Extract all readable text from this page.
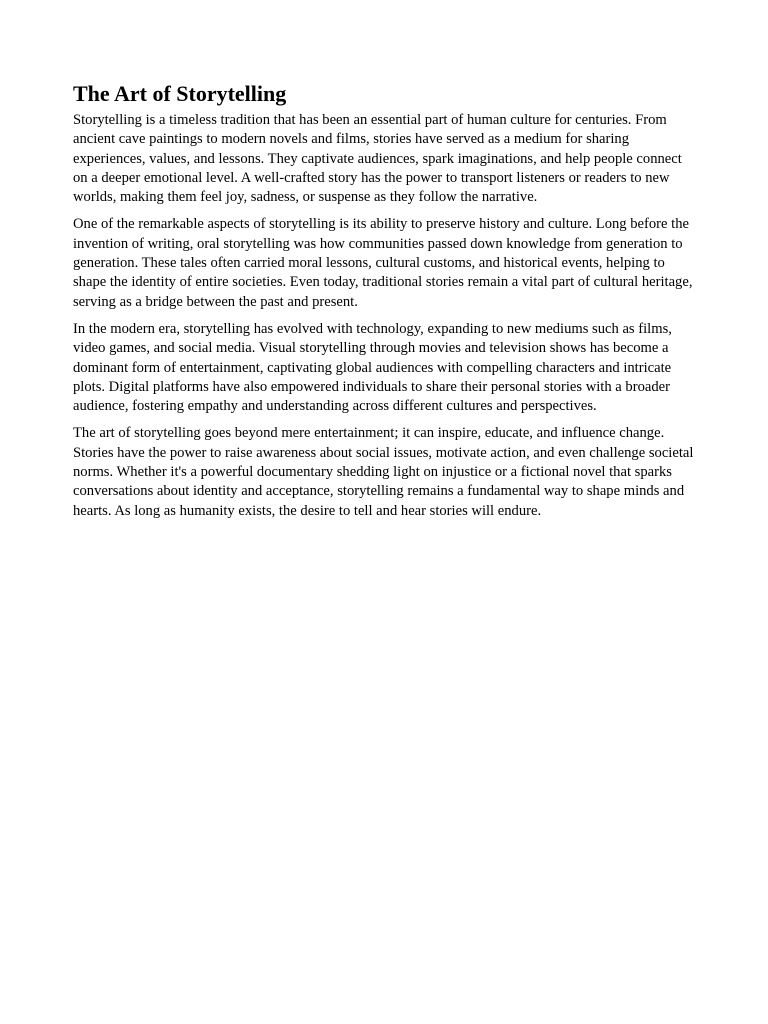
The Art of Storytelling

Storytelling is a timeless tradition that has been an essential part of human culture for centuries. From ancient cave paintings to modern novels and films, stories have served as a medium for sharing experiences, values, and lessons. They captivate audiences, spark imaginations, and help people connect on a deeper emotional level. A well-crafted story has the power to transport listeners or readers to new worlds, making them feel joy, sadness, or suspense as they follow the narrative.

One of the remarkable aspects of storytelling is its ability to preserve history and culture. Long before the invention of writing, oral storytelling was how communities passed down knowledge from generation to generation. These tales often carried moral lessons, cultural customs, and historical events, helping to shape the identity of entire societies. Even today, traditional stories remain a vital part of cultural heritage, serving as a bridge between the past and present.

In the modern era, storytelling has evolved with technology, expanding to new mediums such as films, video games, and social media. Visual storytelling through movies and television shows has become a dominant form of entertainment, captivating global audiences with compelling characters and intricate plots. Digital platforms have also empowered individuals to share their personal stories with a broader audience, fostering empathy and understanding across different cultures and perspectives.

The art of storytelling goes beyond mere entertainment; it can inspire, educate, and influence change. Stories have the power to raise awareness about social issues, motivate action, and even challenge societal norms. Whether it's a powerful documentary shedding light on injustice or a fictional novel that sparks conversations about identity and acceptance, storytelling remains a fundamental way to shape minds and hearts. As long as humanity exists, the desire to tell and hear stories will endure.
